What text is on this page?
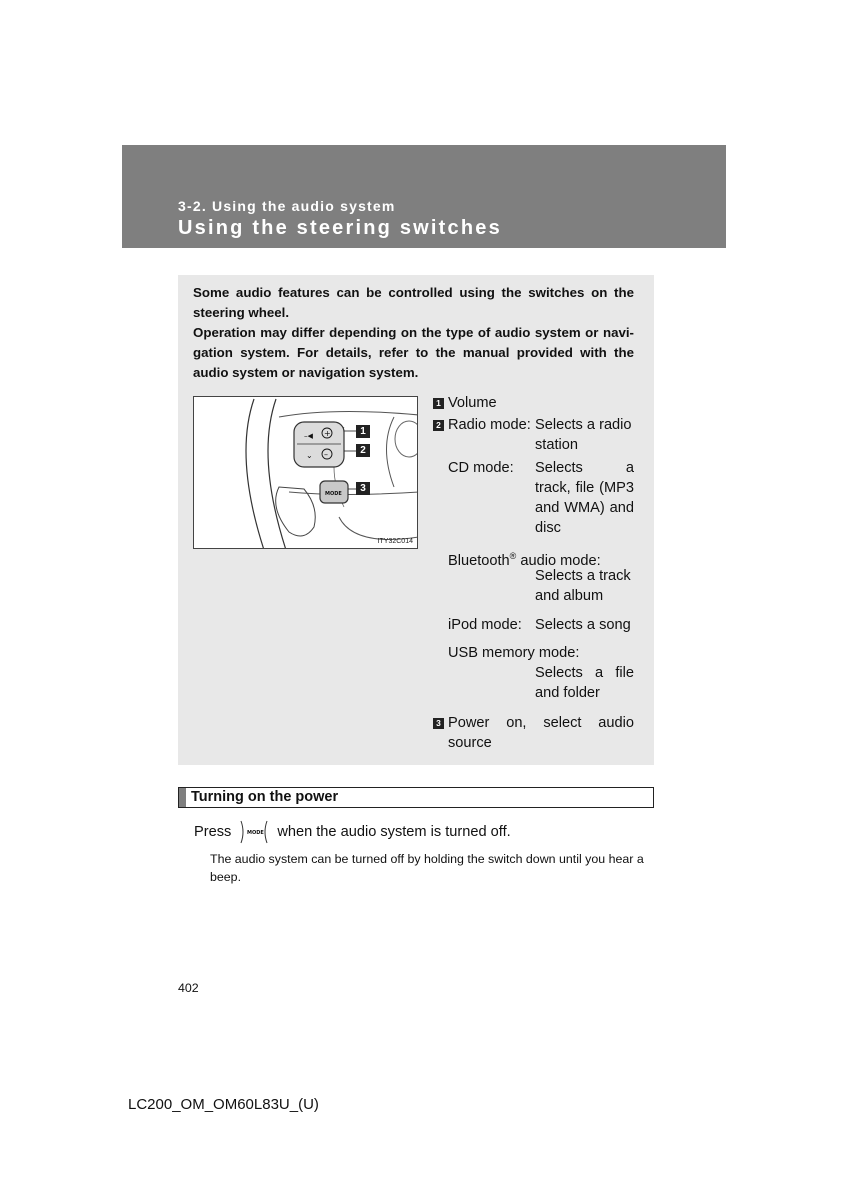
3-2. Using the audio system
Using the steering switches

Some audio features can be controlled using the switches on the steering wheel.

Operation may differ depending on the type of audio system or navi-gation system. For details, refer to the manual provided with the audio system or navigation system.

–◀ +
⌄ –
MODE
1
2
3
ITY32C014
1 Volume
2 Radio mode: Selects a radio station
CD mode: Selects a track, file (MP3 and WMA) and disc
Bluetooth® audio mode:
Selects a track and album
iPod mode: Selects a song
USB memory mode:
Selects a file and folder
3 Power on, select audio source
Turning on the power
Press	MODE when the audio system is turned off.
The audio system can be turned off by holding the switch down until you hear a beep.
402
LC200_OM_OM60L83U_(U)
